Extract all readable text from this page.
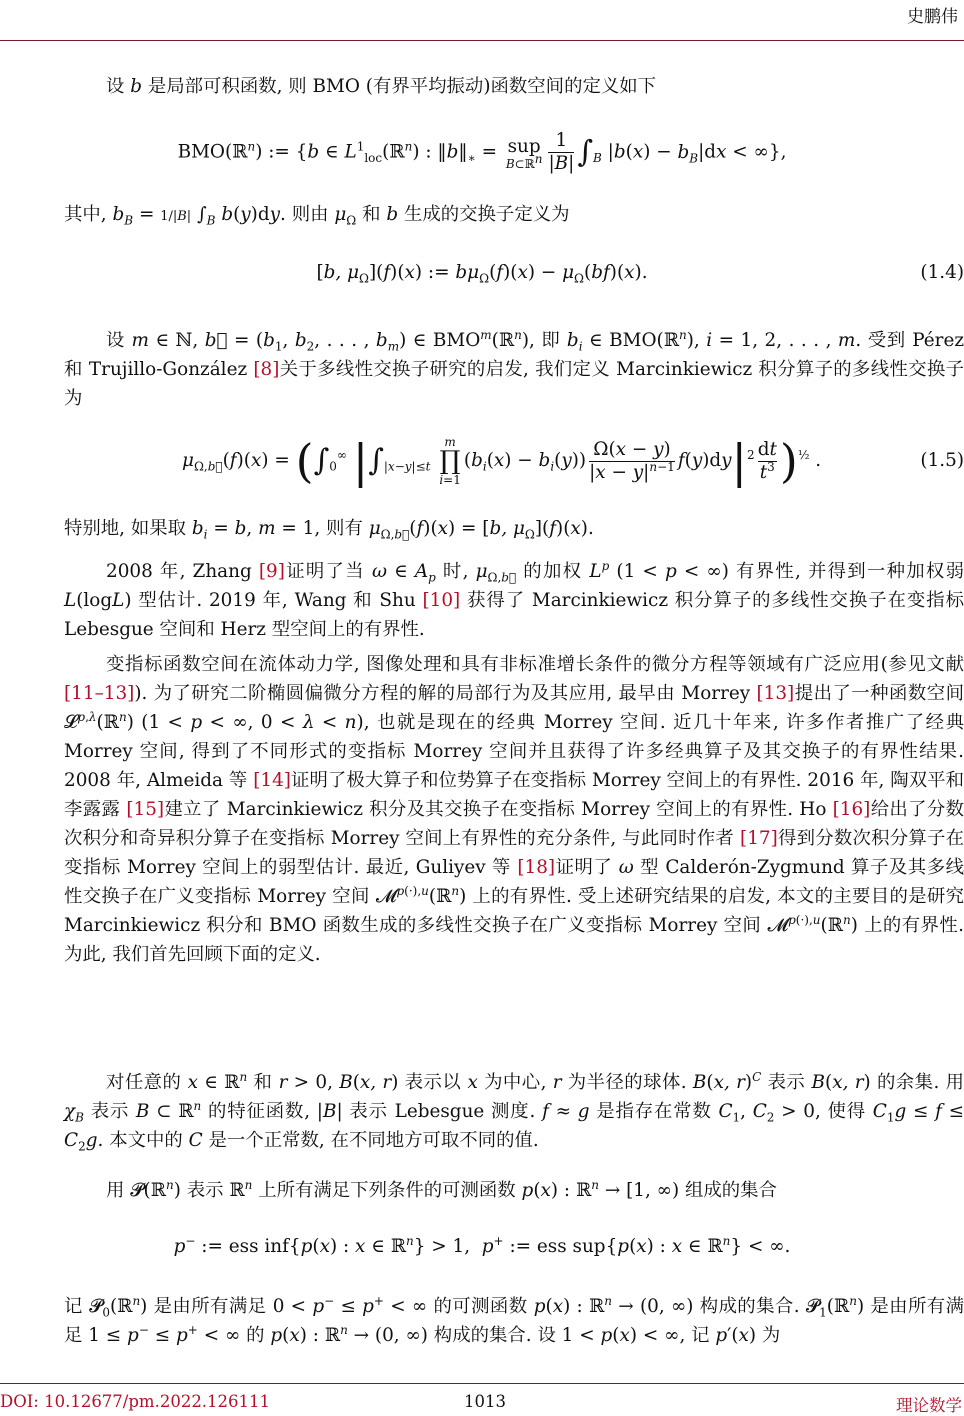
史鹏伟
设 b 是局部可积函数, 则 BMO (有界平均振动)函数空间的定义如下
BMO(ℝ$^n$) := {b ∈ $L^1_{loc}(ℝ^n)$ : $‖b‖_∗$ = sup
B⊂ℝ$^n$ $\frac{1}{|B|} \int_B$ $|b(x) - b_B|dx$ < ∞},
其中, $b_B = 1/|B|$ $\int_B$ b(y)dy. 则由 $\mu_\Omega$ 和 b 生成的交换子定义为
[b, $\mu_\Omega](f)(x)$ := $b\mu_\Omega(f)(x) - \mu_\Omega(bf)(x)$.	(1.4)
设 m ∈ ℕ, b⃗ = ($b_1$, $b_2$, . . . , $b_m$) ∈ BMO$^m$(ℝ$^n$), 即 $b_i$ ∈ BMO(ℝ$^n$), i = 1, 2, . . . , m. 受到 Pérez 和 Trujillo-González [8]关于多线性交换子研究的启发, 我们定义 Marcinkiewicz 积分算子的多线性交换子为
$\mu_{\Omega,b⃗}(f)(x) = (\int_0^\infty$ $|\int_{|x-y|\le t}$
m
∏
i=1
$(b_i(x) - b_i(y)) \frac{\Omega(x - y)}{|x - y|^{n-1}} f(y)dy|^2 \frac{dt}{t^3} )^{\frac{1}{2}}$ .	(1.5)
特别地, 如果取 $b_i = b$, m = 1, 则有 $\mu_{\Omega,b⃗}(f)(x) = [b$, $\mu_\Omega](f)(x)$.
2008 年, Zhang [9]证明了当 ω ∈ $A_p$ 时, $\mu_{\Omega,b⃗}$ 的加权 $L^p$ (1 < p < ∞) 有界性, 并得到一种加权弱 L(logL) 型估计. 2019 年, Wang 和 Shu [10] 获得了 Marcinkiewicz 积分算子的多线性交换子在变指标 Lebesgue 空间和 Herz 型空间上的有界性.
变指标函数空间在流体动力学, 图像处理和具有非标准增长条件的微分方程等领域有广泛应用(参见文献 [11–13]). 为了研究二阶椭圆偏微分方程的解的局部行为及其应用, 最早由 Morrey [13]提出了一种函数空间 𝓛$^{p,\lambda}$(ℝ$^n$) (1 < p < ∞, 0 < λ < n), 也就是现在的经典 Morrey 空间. 近几十年来, 许多作者推广了经典 Morrey 空间, 得到了不同形式的变指标 Morrey 空间并且获得了许多经典算子及其交换子的有界性结果. 2008 年, Almeida 等 [14]证明了极大算子和位势算子在变指标 Morrey 空间上的有界性. 2016 年, 陶双平和李露露 [15]建立了 Marcinkiewicz 积分及其交换子在变指标 Morrey 空间上的有界性. Ho [16]给出了分数次积分和奇异积分算子在变指标 Morrey 空间上有界性的充分条件, 与此同时作者 [17]得到分数次积分算子在变指标 Morrey 空间上的弱型估计. 最近, Guliyev 等 [18]证明了 ω 型 Calderón-Zygmund 算子及其多线性交换子在广义变指标 Morrey 空间 𝓜$^{p(\cdot),u}$(ℝ$^n$) 上的有界性. 受上述研究结果的启发, 本文的主要目的是研究 Marcinkiewicz 积分和 BMO 函数生成的多线性交换子在广义变指标 Morrey 空间 𝓜$^{p(\cdot),u}$(ℝ$^n$) 上的有界性. 为此, 我们首先回顾下面的定义.
对任意的 x ∈ ℝ$^n$ 和 r > 0, B(x, r) 表示以 x 为中心, r 为半径的球体. B(x, r)$^C$ 表示 B(x, r) 的余集. 用 $\chi_B$ 表示 B ⊂ ℝ$^n$ 的特征函数, |B| 表示 Lebesgue 测度. f ≈ g 是指存在常数 $C_1$, $C_2 > 0$, 使得 $C_1g \le f \le C_2g$. 本文中的 C 是一个正常数, 在不同地方可取不同的值.
用 𝓟(ℝ$^n$) 表示 ℝ$^n$ 上所有满足下列条件的可测函数 p(x) : ℝ$^n$ → [1, ∞) 组成的集合
p− := ess inf{p(x) : x ∈ ℝ$^n$} > 1,  p+ := ess sup{p(x) : x ∈ ℝ$^n$} < ∞.
记 𝓟$_0$(ℝ$^n$) 是由所有满足 0 < p− ≤ p+ < ∞ 的可测函数 p(x) : ℝ$^n$ → (0, ∞) 构成的集合. 𝓟$_1$(ℝ$^n$) 是由所有满足 1 ≤ p− ≤ p+ < ∞ 的 p(x) : ℝ$^n$ → (0, ∞) 构成的集合. 设 1 < p(x) < ∞, 记 p′(x) 为
DOI: 10.12677/pm.2022.126111	1013	理论数学
